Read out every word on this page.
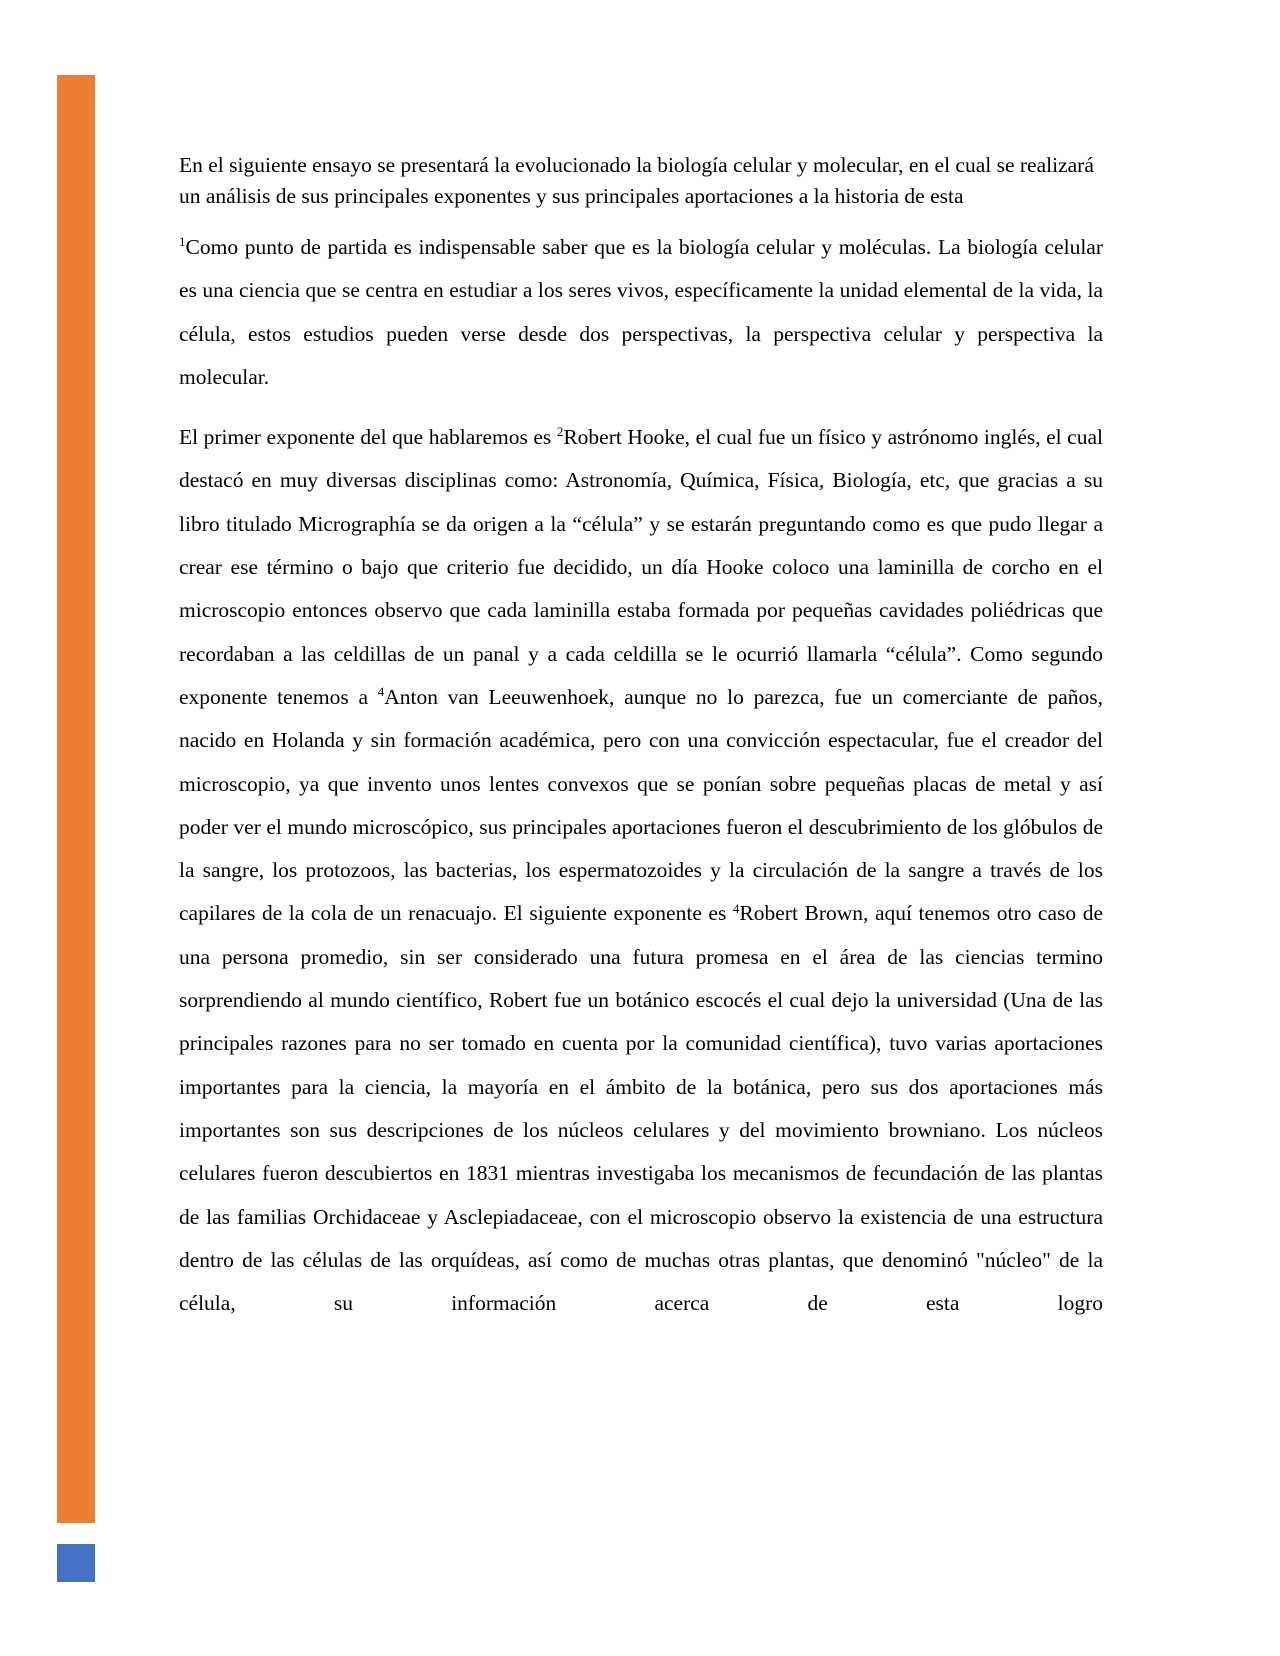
En el siguiente ensayo se presentará la evolucionado la biología celular y molecular, en el cual se realizará un análisis de sus principales exponentes y sus principales aportaciones a la historia de esta

$^1$Como punto de partida es indispensable saber que es la biología celular y moléculas. La biología celular es una ciencia que se centra en estudiar a los seres vivos, específicamente la unidad elemental de la vida, la célula, estos estudios pueden verse desde dos perspectivas, la perspectiva celular y perspectiva la molecular.

El primer exponente del que hablaremos es $^2$Robert Hooke, el cual fue un físico y astrónomo inglés, el cual destacó en muy diversas disciplinas como: Astronomía, Química, Física, Biología, etc, que gracias a su libro titulado Micrographía se da origen a la “célula” y se estarán preguntando como es que pudo llegar a crear ese término o bajo que criterio fue decidido, un día Hooke coloco una laminilla de corcho en el microscopio entonces observo que cada laminilla estaba formada por pequeñas cavidades poliédricas que recordaban a las celdillas de un panal y a cada celdilla se le ocurrió llamarla “célula”. Como segundo exponente tenemos a $^4$Anton van Leeuwenhoek, aunque no lo parezca, fue un comerciante de paños, nacido en Holanda y sin formación académica, pero con una convicción espectacular, fue el creador del microscopio, ya que invento unos lentes convexos que se ponían sobre pequeñas placas de metal y así poder ver el mundo microscópico, sus principales aportaciones fueron el descubrimiento de los glóbulos de la sangre, los protozoos, las bacterias, los espermatozoides y la circulación de la sangre a través de los capilares de la cola de un renacuajo. El siguiente exponente es $^4$Robert Brown, aquí tenemos otro caso de una persona promedio, sin ser considerado una futura promesa en el área de las ciencias termino sorprendiendo al mundo científico, Robert fue un botánico escocés el cual dejo la universidad (Una de las principales razones para no ser tomado en cuenta por la comunidad científica), tuvo varias aportaciones importantes para la ciencia, la mayoría en el ámbito de la botánica, pero sus dos aportaciones más importantes son sus descripciones de los núcleos celulares y del movimiento browniano. Los núcleos celulares fueron descubiertos en 1831 mientras investigaba los mecanismos de fecundación de las plantas de las familias Orchidaceae y Asclepiadaceae, con el microscopio observo la existencia de una estructura dentro de las células de las orquídeas, así como de muchas otras plantas, que denominó "núcleo" de la célula, su información acerca de esta logro
